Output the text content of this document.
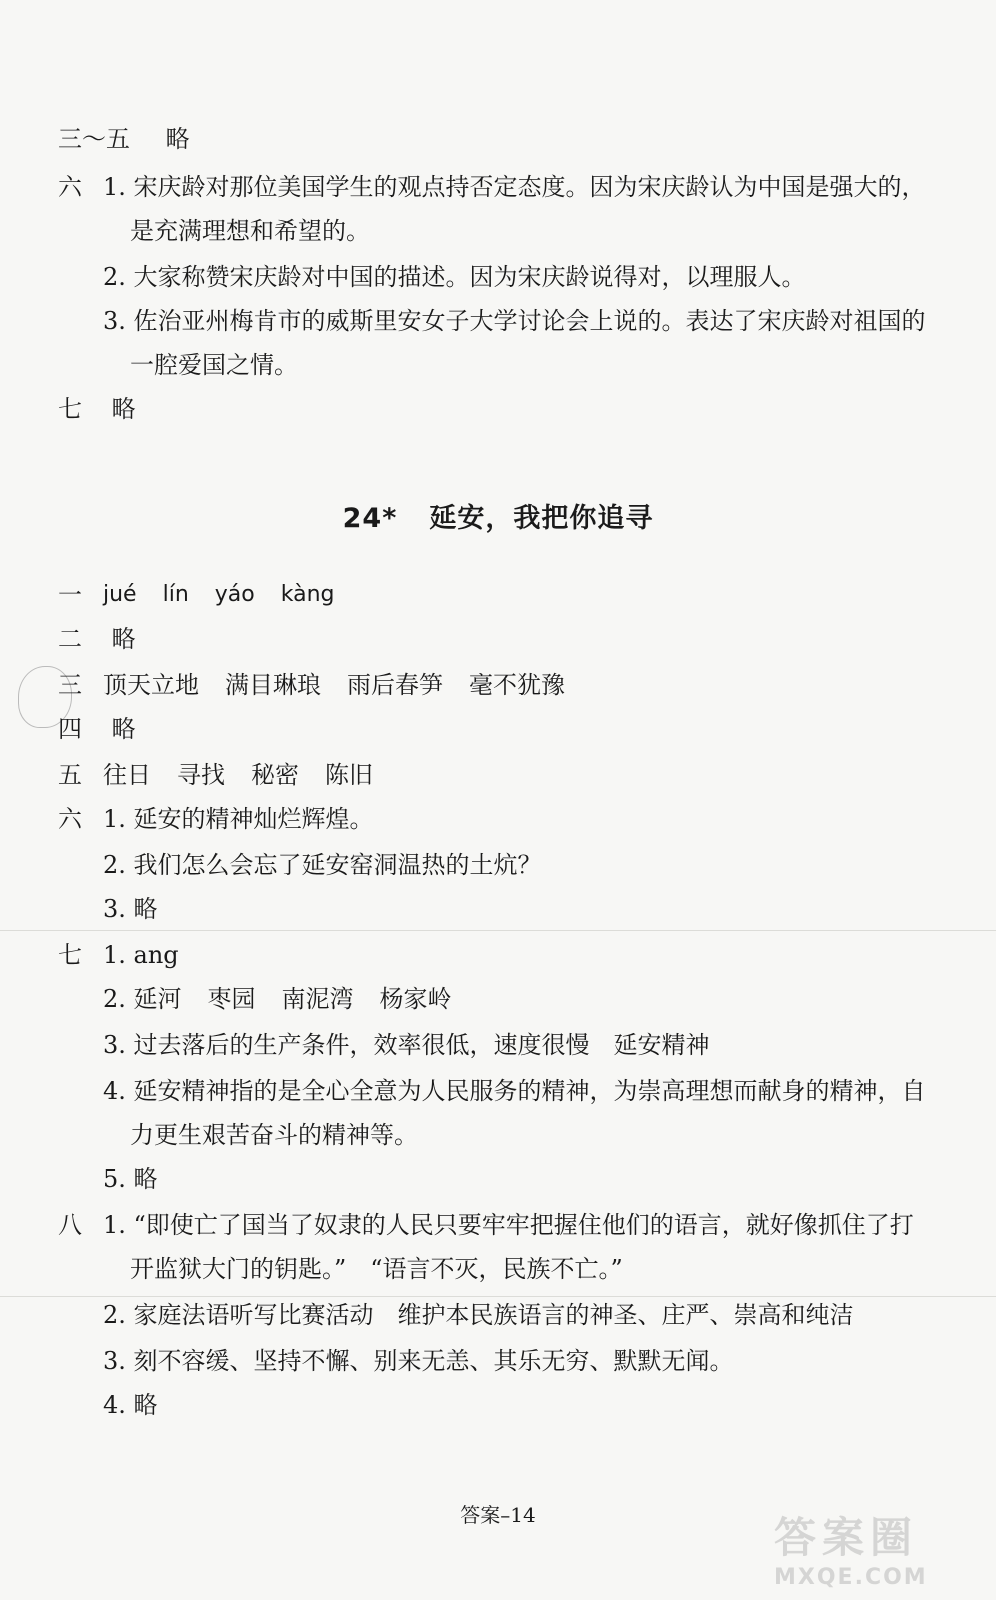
三～五 略
六 1. 宋庆龄对那位美国学生的观点持否定态度。因为宋庆龄认为中国是强大的，
是充满理想和希望的。
2. 大家称赞宋庆龄对中国的描述。因为宋庆龄说得对，以理服人。
3. 佐治亚州梅肯市的威斯里安女子大学讨论会上说的。表达了宋庆龄对祖国的
一腔爱国之情。
七 略
24* 延安，我把你追寻
一 jué lín yáo kàng
二 略
三 顶天立地 满目琳琅 雨后春笋 毫不犹豫
四 略
五 往日 寻找 秘密 陈旧
六 1. 延安的精神灿烂辉煌。
2. 我们怎么会忘了延安窑洞温热的土炕？
3. 略
七 1. ang
2. 延河 枣园 南泥湾 杨家岭
3. 过去落后的生产条件，效率很低，速度很慢　延安精神
4. 延安精神指的是全心全意为人民服务的精神，为崇高理想而献身的精神，自
力更生艰苦奋斗的精神等。
5. 略
八 1. “即使亡了国当了奴隶的人民只要牢牢把握住他们的语言，就好像抓住了打
开监狱大门的钥匙。”　“语言不灭，民族不亡。”
2. 家庭法语听写比赛活动　维护本民族语言的神圣、庄严、崇高和纯洁
3. 刻不容缓、坚持不懈、别来无恙、其乐无穷、默默无闻。
4. 略
答案–14	答案圈
MXQE.COM
